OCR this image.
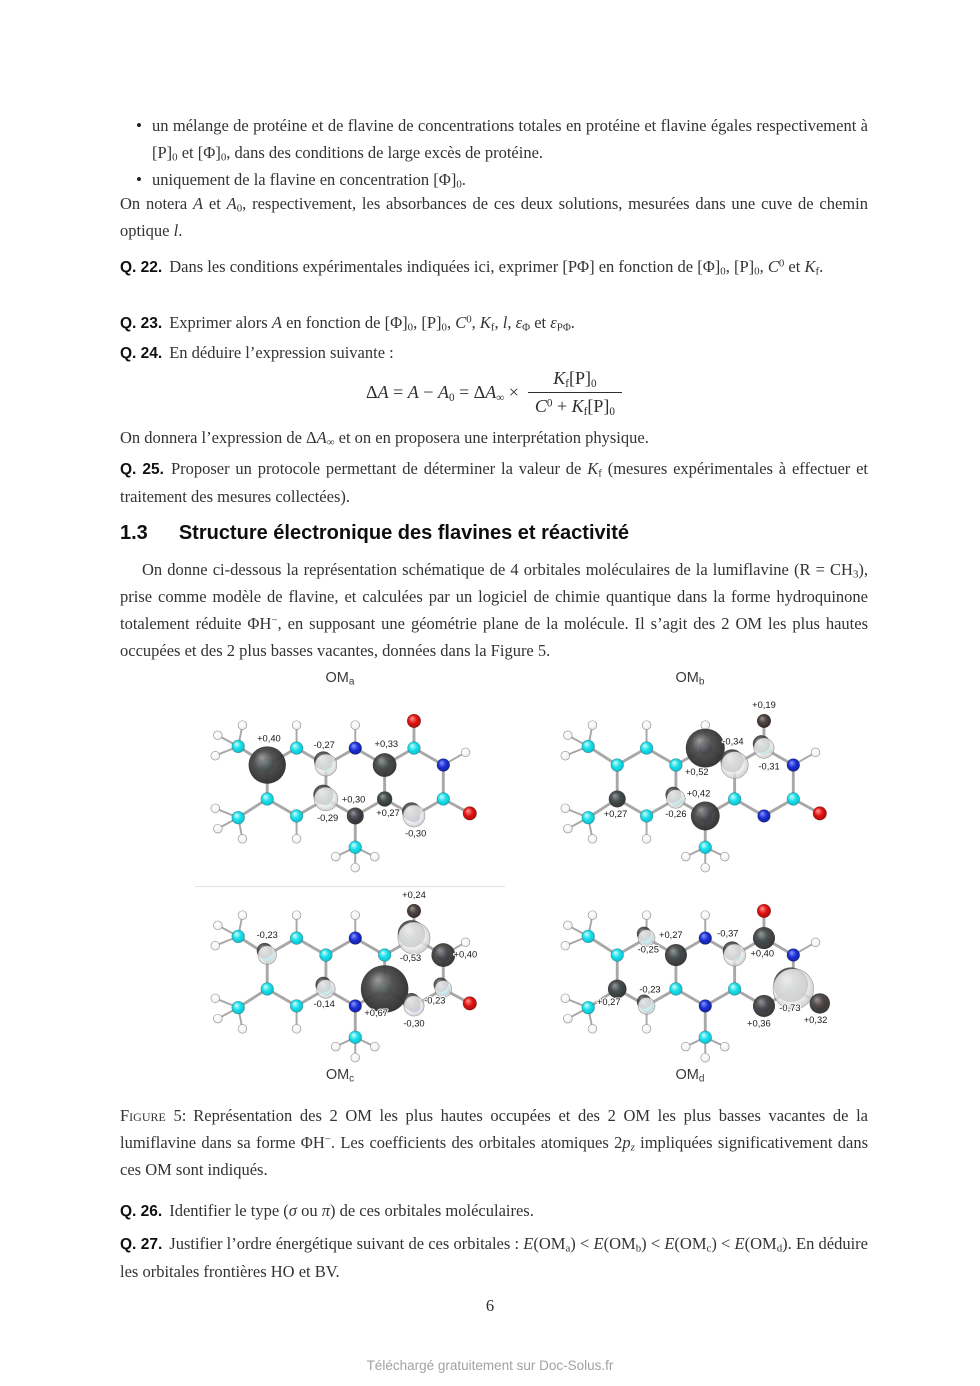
• un mélange de protéine et de flavine de concentrations totales en protéine et flavine égales respectivement à $[P]_0$ et $[\Phi]_0$, dans des conditions de large excès de protéine.
• uniquement de la flavine en concentration $[\Phi]_0$.
On notera A et $A_0$, respectivement, les absorbances de ces deux solutions, mesurées dans une cuve de chemin optique l.
Q. 22. Dans les conditions expérimentales indiquées ici, exprimer [PΦ] en fonction de $[\Phi]_0$, $[P]_0$, $C^0$ et $K_f$.
Q. 23. Exprimer alors A en fonction de $[\Phi]_0$, $[P]_0$, $C^0$, $K_f$, l, $\varepsilon_\Phi$ et $\varepsilon_{P\Phi}$.
Q. 24. En déduire l’expression suivante :
$\Delta A = A - A_0 = \Delta A_\infty \times \frac{K_f[P]_0}{C^0 + K_f[P]_0}$
On donnera l’expression de $\Delta A_\infty$ et on en proposera une interprétation physique.
Q. 25. Proposer un protocole permettant de déterminer la valeur de $K_f$ (mesures expérimentales à effectuer et traitement des mesures collectées).
1.3 Structure électronique des flavines et réactivité
On donne ci-dessous la représentation schématique de 4 orbitales moléculaires de la lumiflavine $(R = CH_3)$, prise comme modèle de flavine, et calculées par un logiciel de chimie quantique dans la forme hydroquinone totalement réduite ΦH−, en supposant une géométrie plane de la molécule. Il s’agit des 2 OM les plus hautes occupées et des 2 plus basses vacantes, données dans la Figure 5.
$OM_a$
+0,40
-0,27	+0,33
-0,29
+0,30
+0,27
-0,30
$OM_b$
+0,27	-0,26
+0,52
-0,34
-0,31
+0,19
+0,42
-0,23
-0,14
+0,67
-0,53
+0,24
+0,40
-0,23
-0,30
$OM_c$
-0,25
+0,27
+0,27
-0,23
-0,37
+0,40
+0,36
-0,73
+0,32
$OM_d$
Figure 5: Représentation des 2 OM les plus hautes occupées et des 2 OM les plus basses vacantes de la lumiflavine dans sa forme ΦH−. Les coefficients des orbitales atomiques $2p_z$ impliquées significativement dans ces OM sont indiqués.
Q. 26. Identifier le type (σ ou π) de ces orbitales moléculaires.
Q. 27. Justifier l’ordre énergétique suivant de ces orbitales : $E(OM_a) < E(OM_b) < E(OM_c) < E(OM_d)$. En déduire les orbitales frontières HO et BV.
6
Téléchargé gratuitement sur Doc-Solus.fr
